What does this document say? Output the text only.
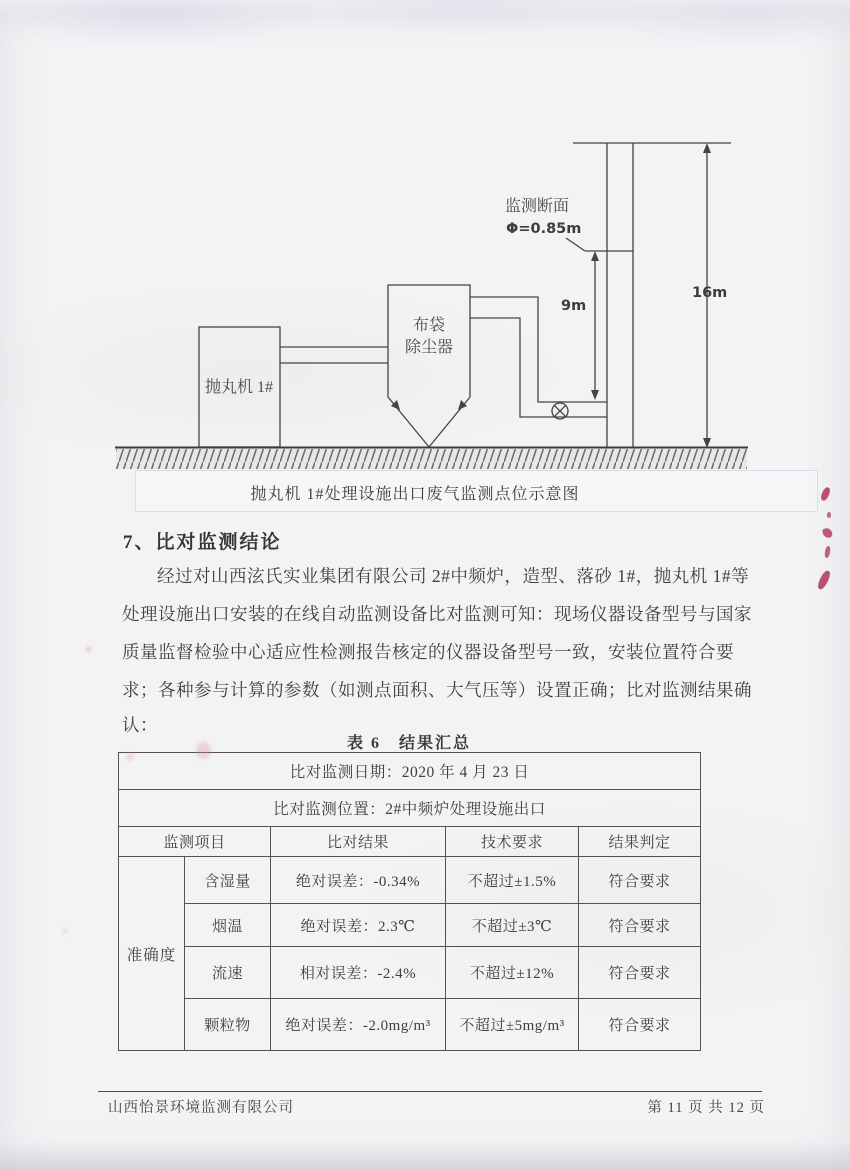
监测断面
Φ=0.85m
9m
16m
布袋
除尘器
抛丸机 1#
抛丸机 1#处理设施出口废气监测点位示意图
7、比对监测结论
经过对山西泫氏实业集团有限公司 2#中频炉，造型、落砂 1#，抛丸机 1#等
处理设施出口安装的在线自动监测设备比对监测可知：现场仪器设备型号与国家
质量监督检验中心适应性检测报告核定的仪器设备型号一致，安装位置符合要
求；各种参与计算的参数（如测点面积、大气压等）设置正确；比对监测结果确
认：
表 6　结果汇总
比对监测日期：2020 年 4 月 23 日				
比对监测位置：2#中频炉处理设施出口				
监测项目		比对结果	技术要求	结果判定
准确度	含湿量	绝对误差：-0.34%	不超过±1.5%	符合要求
	烟温	绝对误差：2.3℃	不超过±3℃	符合要求
	流速	相对误差：-2.4%	不超过±12%	符合要求
	颗粒物	绝对误差：-2.0mg/m³	不超过±5mg/m³	符合要求
山西怡景环境监测有限公司	第 11 页 共 12 页
